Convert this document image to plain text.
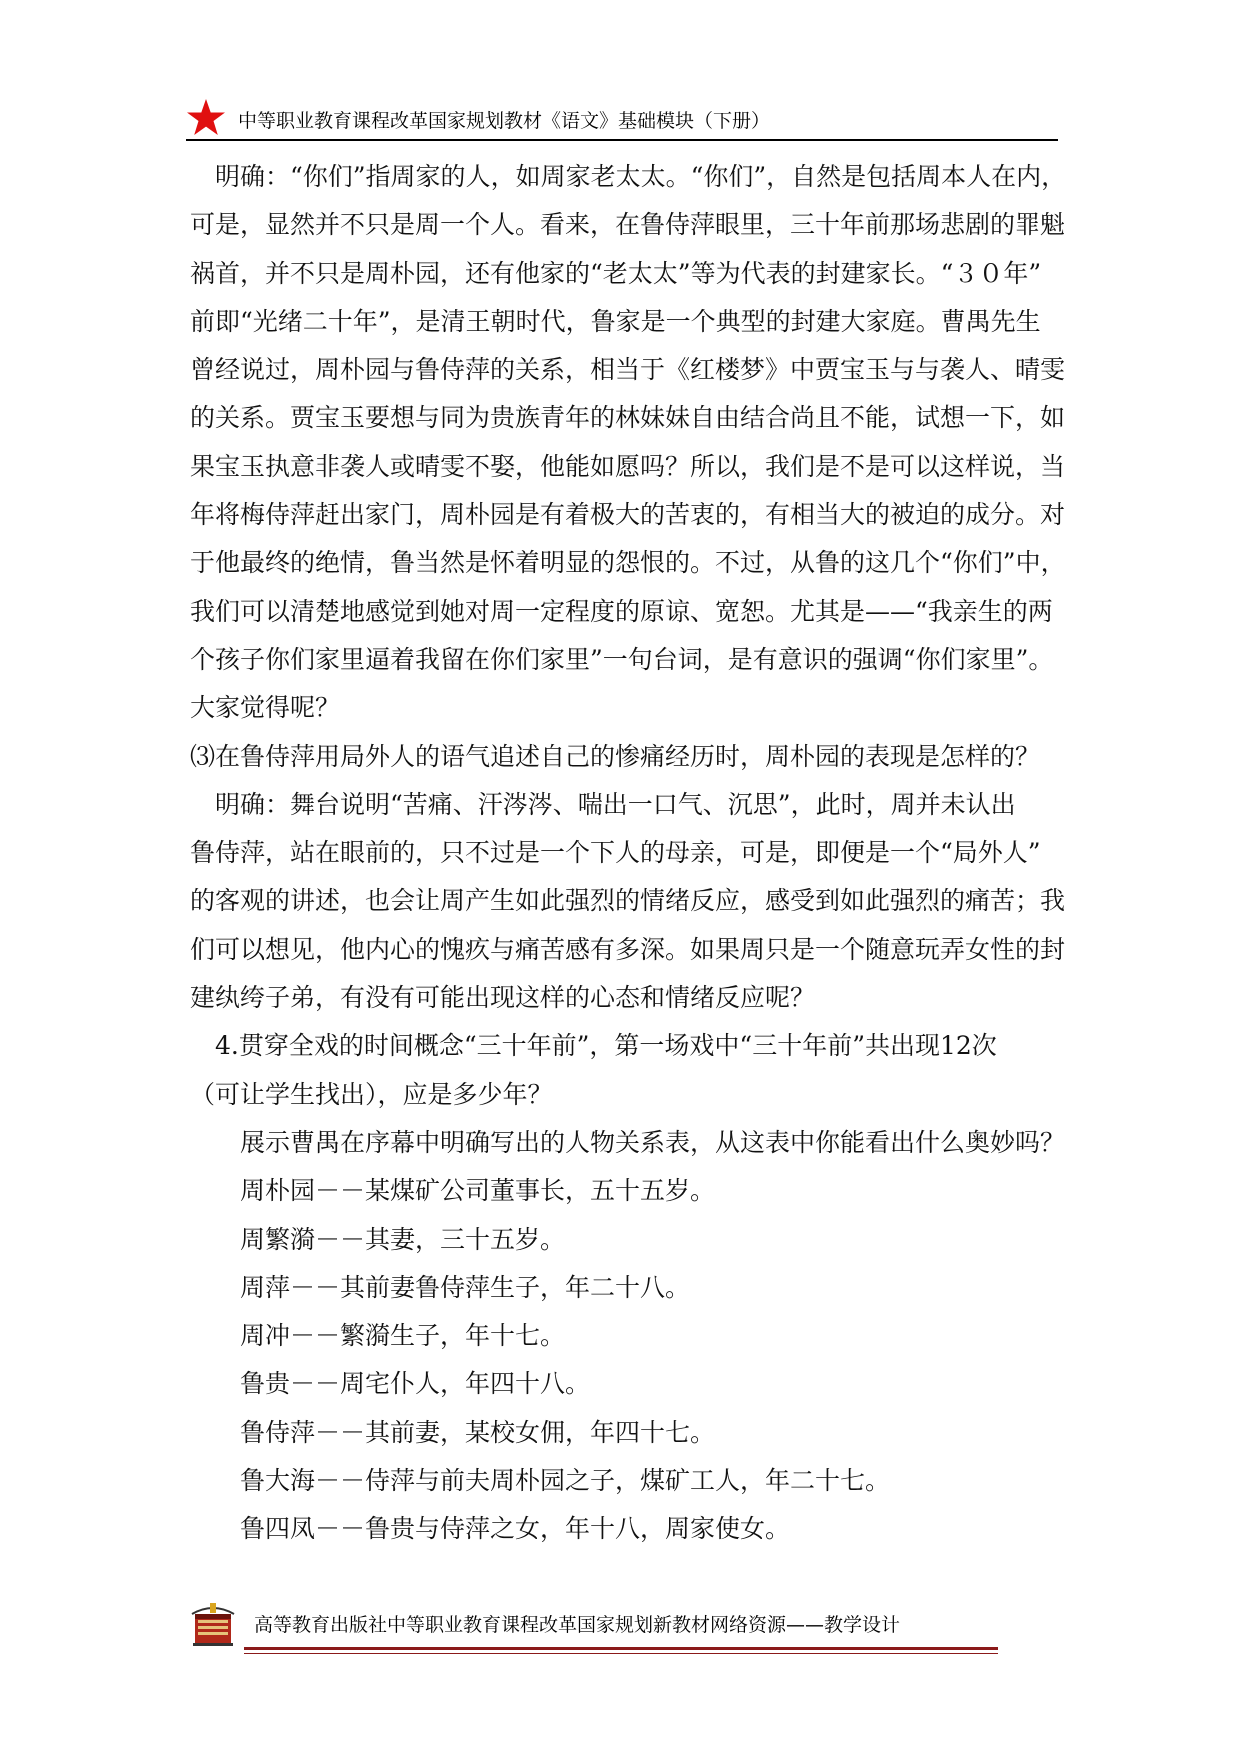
中等职业教育课程改革国家规划教材《语文》基础模块（下册）
　明确：“你们”指周家的人，如周家老太太。“你们”，自然是包括周本人在内，
可是，显然并不只是周一个人。看来，在鲁侍萍眼里，三十年前那场悲剧的罪魁
祸首，并不只是周朴园，还有他家的“老太太”等为代表的封建家长。“３０年”
前即“光绪二十年”，是清王朝时代，鲁家是一个典型的封建大家庭。曹禺先生
曾经说过，周朴园与鲁侍萍的关系，相当于《红楼梦》中贾宝玉与与袭人、晴雯
的关系。贾宝玉要想与同为贵族青年的林妹妹自由结合尚且不能，试想一下，如
果宝玉执意非袭人或晴雯不娶，他能如愿吗？所以，我们是不是可以这样说，当
年将梅侍萍赶出家门，周朴园是有着极大的苦衷的，有相当大的被迫的成分。对
于他最终的绝情，鲁当然是怀着明显的怨恨的。不过，从鲁的这几个“你们”中，
我们可以清楚地感觉到她对周一定程度的原谅、宽恕。尤其是——“我亲生的两
个孩子你们家里逼着我留在你们家里”一句台词，是有意识的强调“你们家里”。
大家觉得呢？
⑶在鲁侍萍用局外人的语气追述自己的惨痛经历时，周朴园的表现是怎样的？
　明确：舞台说明“苦痛、汗涔涔、喘出一口气、沉思”，此时，周并未认出
鲁侍萍，站在眼前的，只不过是一个下人的母亲，可是，即便是一个“局外人”
的客观的讲述，也会让周产生如此强烈的情绪反应，感受到如此强烈的痛苦；我
们可以想见，他内心的愧疚与痛苦感有多深。如果周只是一个随意玩弄女性的封
建纨绔子弟，有没有可能出现这样的心态和情绪反应呢？
　4.贯穿全戏的时间概念“三十年前”，第一场戏中“三十年前”共出现12次
（可让学生找出），应是多少年？
　　展示曹禺在序幕中明确写出的人物关系表，从这表中你能看出什么奥妙吗？
　　周朴园－－某煤矿公司董事长，五十五岁。
　　周繁漪－－其妻，三十五岁。
　　周萍－－其前妻鲁侍萍生子，年二十八。
　　周冲－－繁漪生子，年十七。
　　鲁贵－－周宅仆人，年四十八。
　　鲁侍萍－－其前妻，某校女佣，年四十七。
　　鲁大海－－侍萍与前夫周朴园之子，煤矿工人，年二十七。
　　鲁四凤－－鲁贵与侍萍之女，年十八，周家使女。
高等教育出版社中等职业教育课程改革国家规划新教材网络资源——教学设计
